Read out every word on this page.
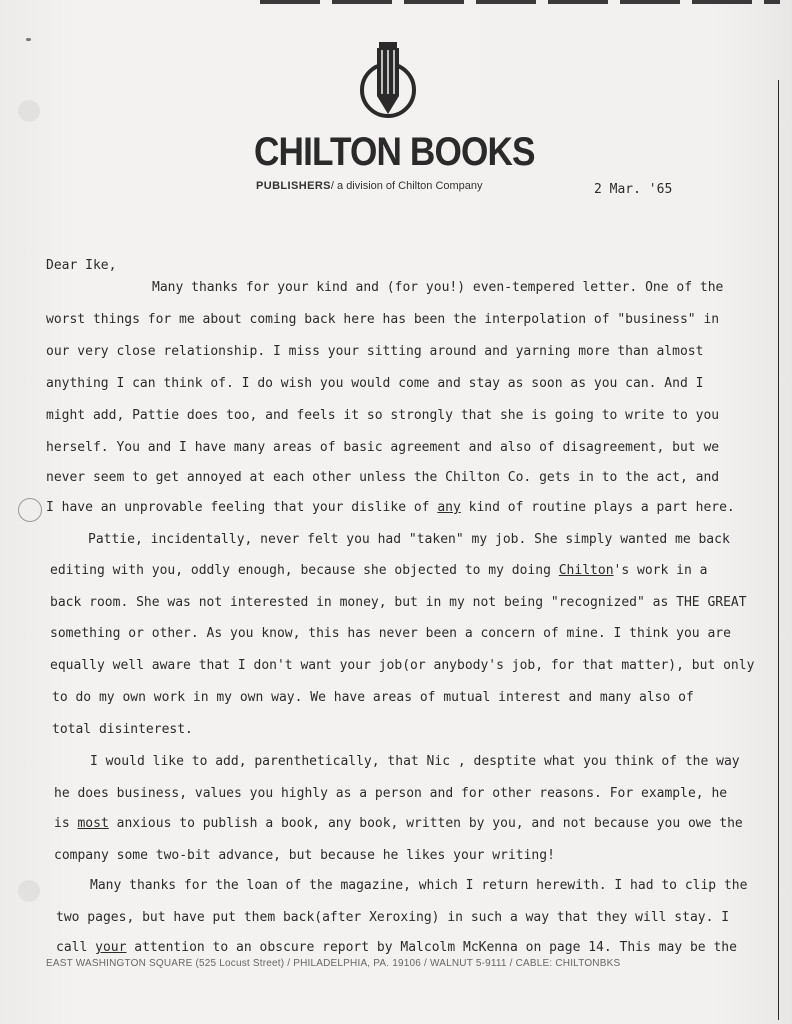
CHILTON BOOKS
PUBLISHERS/ a division of Chilton Company	2 Mar. '65
Dear Ike,
Many thanks for your kind and (for you!) even-tempered letter. One of the
worst things for me about coming back here has been the interpolation of "business" in
our very close relationship. I miss your sitting around and yarning more than almost
anything I can think of. I do wish you would come and stay as soon as you can. And I
might add, Pattie does too, and feels it so strongly that she is going to write to you
herself. You and I have many areas of basic agreement and also of disagreement, but we
never seem to get annoyed at each other unless the Chilton Co. gets in to the act, and
I have an unprovable feeling that your dislike of any kind of routine plays a part here.
Pattie, incidentally, never felt you had "taken" my job. She simply wanted me back
editing with you, oddly enough, because she objected to my doing Chilton's work in a
back room. She was not interested in money, but in my not being "recognized" as THE GREAT
something or other. As you know, this has never been a concern of mine. I think you are
equally well aware that I don't want your job(or anybody's job, for that matter), but only
to do my own work in my own way. We have areas of mutual interest and many also of
total disinterest.
I would like to add, parenthetically, that Nic , desptite what you think of the way
he does business, values you highly as a person and for other reasons. For example, he
is most anxious to publish a book, any book, written by you, and not because you owe the
company some two-bit advance, but because he likes your writing!
Many thanks for the loan of the magazine, which I return herewith. I had to clip the
two pages, but have put them back(after Xeroxing) in such a way that they will stay. I
call your attention to an obscure report by Malcolm McKenna on page 14. This may be the
EAST WASHINGTON SQUARE (525 Locust Street) / PHILADELPHIA, PA. 19106 / WALNUT 5-9111 / CABLE: CHILTONBKS
